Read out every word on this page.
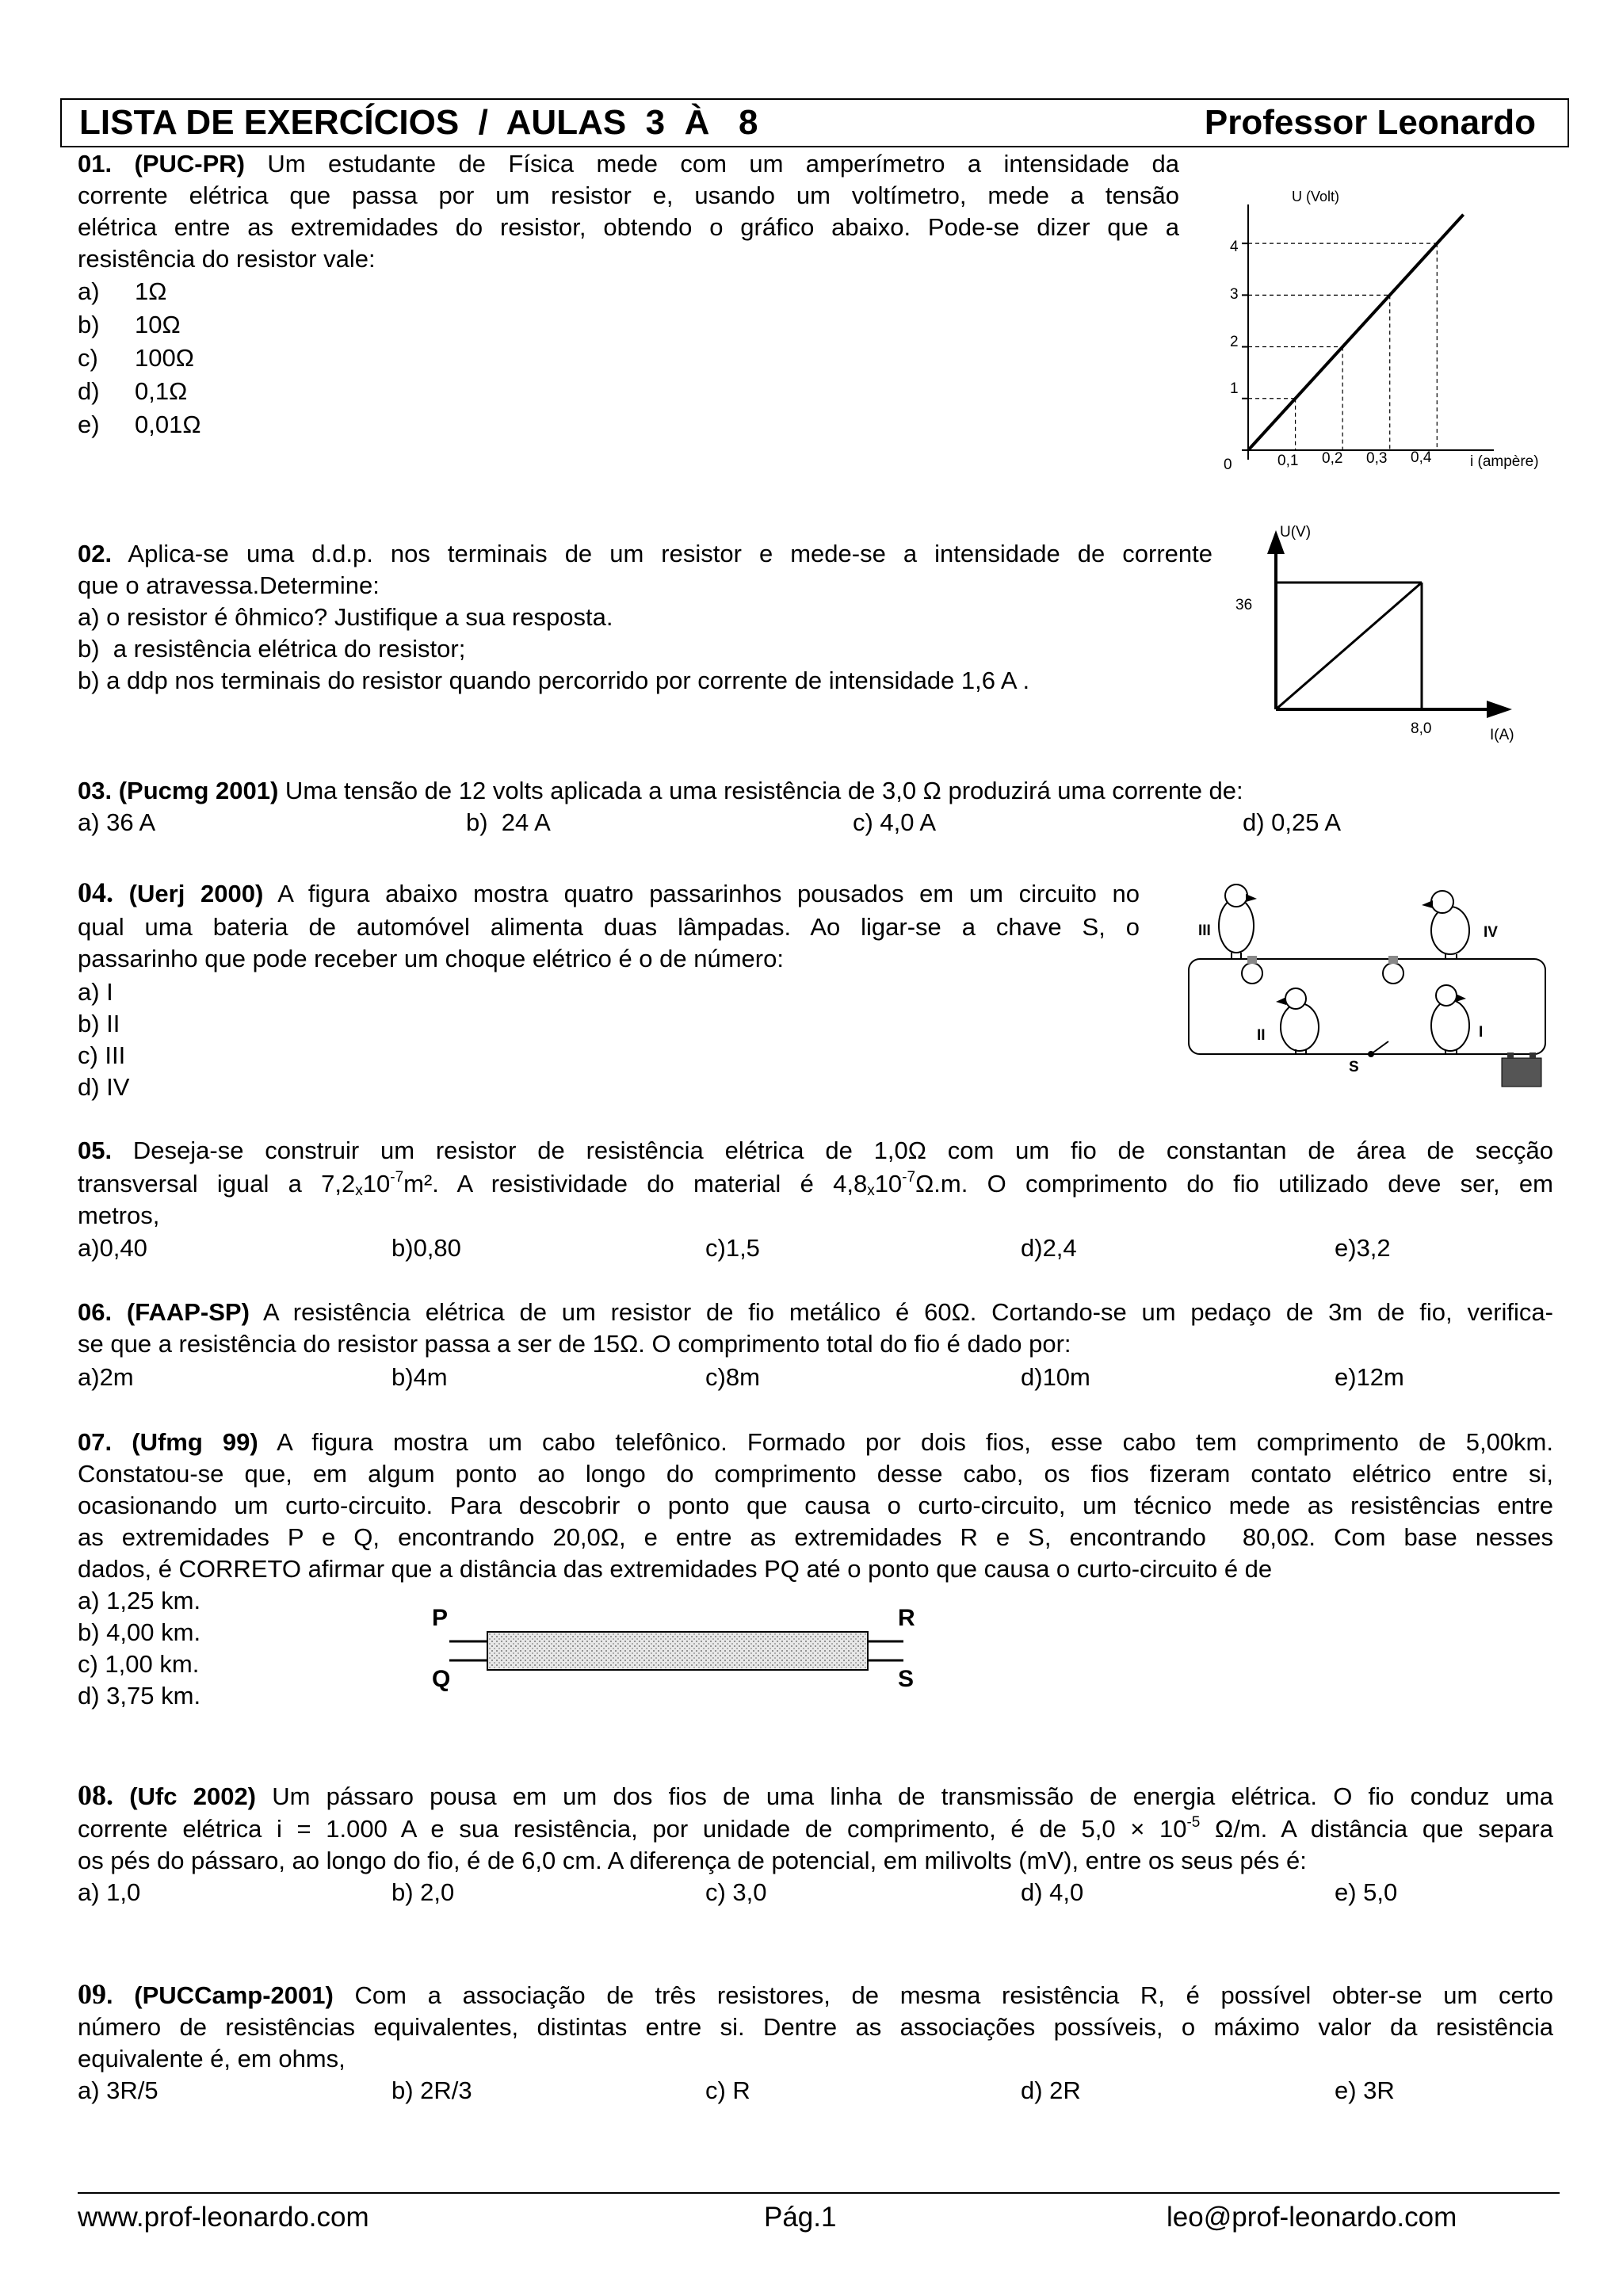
LISTA DE EXERCÍCIOS  /  AULAS  3  À   8	Professor Leonardo
01. (PUC-PR) Um estudante de Física mede com um amperímetro a intensidade da
corrente elétrica que passa por um resistor e, usando um voltímetro, mede a tensão
elétrica entre as extremidades do resistor, obtendo o gráfico abaixo. Pode-se dizer que a
resistência do resistor vale:
a) 1Ω
b) 10Ω
c) 100Ω
d) 0,1Ω
e) 0,01Ω
U (Volt)
i (ampère)
0
4
3
2
1
0,1 0,2 0,3 0,4
02. Aplica-se uma d.d.p. nos terminais de um resistor e mede-se a intensidade de corrente
que o atravessa.Determine:
a) o resistor é ôhmico? Justifique a sua resposta.
b)  a resistência elétrica do resistor;
b) a ddp nos terminais do resistor quando percorrido por corrente de intensidade 1,6 A .
U(V)
I(A)
36
8,0
03. (Pucmg 2001) Uma tensão de 12 volts aplicada a uma resistência de 3,0 Ω produzirá uma corrente de:
a) 36 A	b)  24 A	c) 4,0 A	d) 0,25 A
04. (Uerj 2000) A figura abaixo mostra quatro passarinhos pousados em um circuito no
qual uma bateria de automóvel alimenta duas lâmpadas. Ao ligar-se a chave S, o
passarinho que pode receber um choque elétrico é o de número:
a) I
b) II
c) III
d) IV
I
II
III	IV
S
05. Deseja-se construir um resistor de resistência elétrica de 1,0Ω com um fio de constantan de área de secção
transversal igual a $7,2_x10^{-7}m^2$. A resistividade do material é $4,8_x10^{-7}\Omega.m$. O comprimento do fio utilizado deve ser, em
metros,
a)0,40	b)0,80	c)1,5	d)2,4	e)3,2
06. (FAAP-SP) A resistência elétrica de um resistor de fio metálico é 60Ω. Cortando-se um pedaço de 3m de fio, verifica-
se que a resistência do resistor passa a ser de 15Ω. O comprimento total do fio é dado por:
a)2m	b)4m	c)8m	d)10m	e)12m
07. (Ufmg 99) A figura mostra um cabo telefônico. Formado por dois fios, esse cabo tem comprimento de 5,00km.
Constatou-se que, em algum ponto ao longo do comprimento desse cabo, os fios fizeram contato elétrico entre si,
ocasionando um curto-circuito. Para descobrir o ponto que causa o curto-circuito, um técnico mede as resistências entre
as extremidades P e Q, encontrando 20,0Ω, e entre as extremidades R e S, encontrando  80,0Ω. Com base nesses
dados, é CORRETO afirmar que a distância das extremidades PQ até o ponto que causa o curto-circuito é de
a) 1,25 km.
b) 4,00 km.
c) 1,00 km.
d) 3,75 km.
P
Q
R
S
08. (Ufc 2002) Um pássaro pousa em um dos fios de uma linha de transmissão de energia elétrica. O fio conduz uma
corrente elétrica i = 1.000 A e sua resistência, por unidade de comprimento, é de $5,0 \times 10^{-5}$ Ω/m. A distância que separa
os pés do pássaro, ao longo do fio, é de 6,0 cm. A diferença de potencial, em milivolts (mV), entre os seus pés é:
a) 1,0	b) 2,0	c) 3,0	d) 4,0	e) 5,0
09. (PUCCamp-2001) Com a associação de três resistores, de mesma resistência R, é possível obter-se um certo
número de resistências equivalentes, distintas entre si. Dentre as associações possíveis, o máximo valor da resistência
equivalente é, em ohms,
a) 3R/5	b) 2R/3	c) R	d) 2R	e) 3R
www.prof-leonardo.com	Pág.1	leo@prof-leonardo.com
